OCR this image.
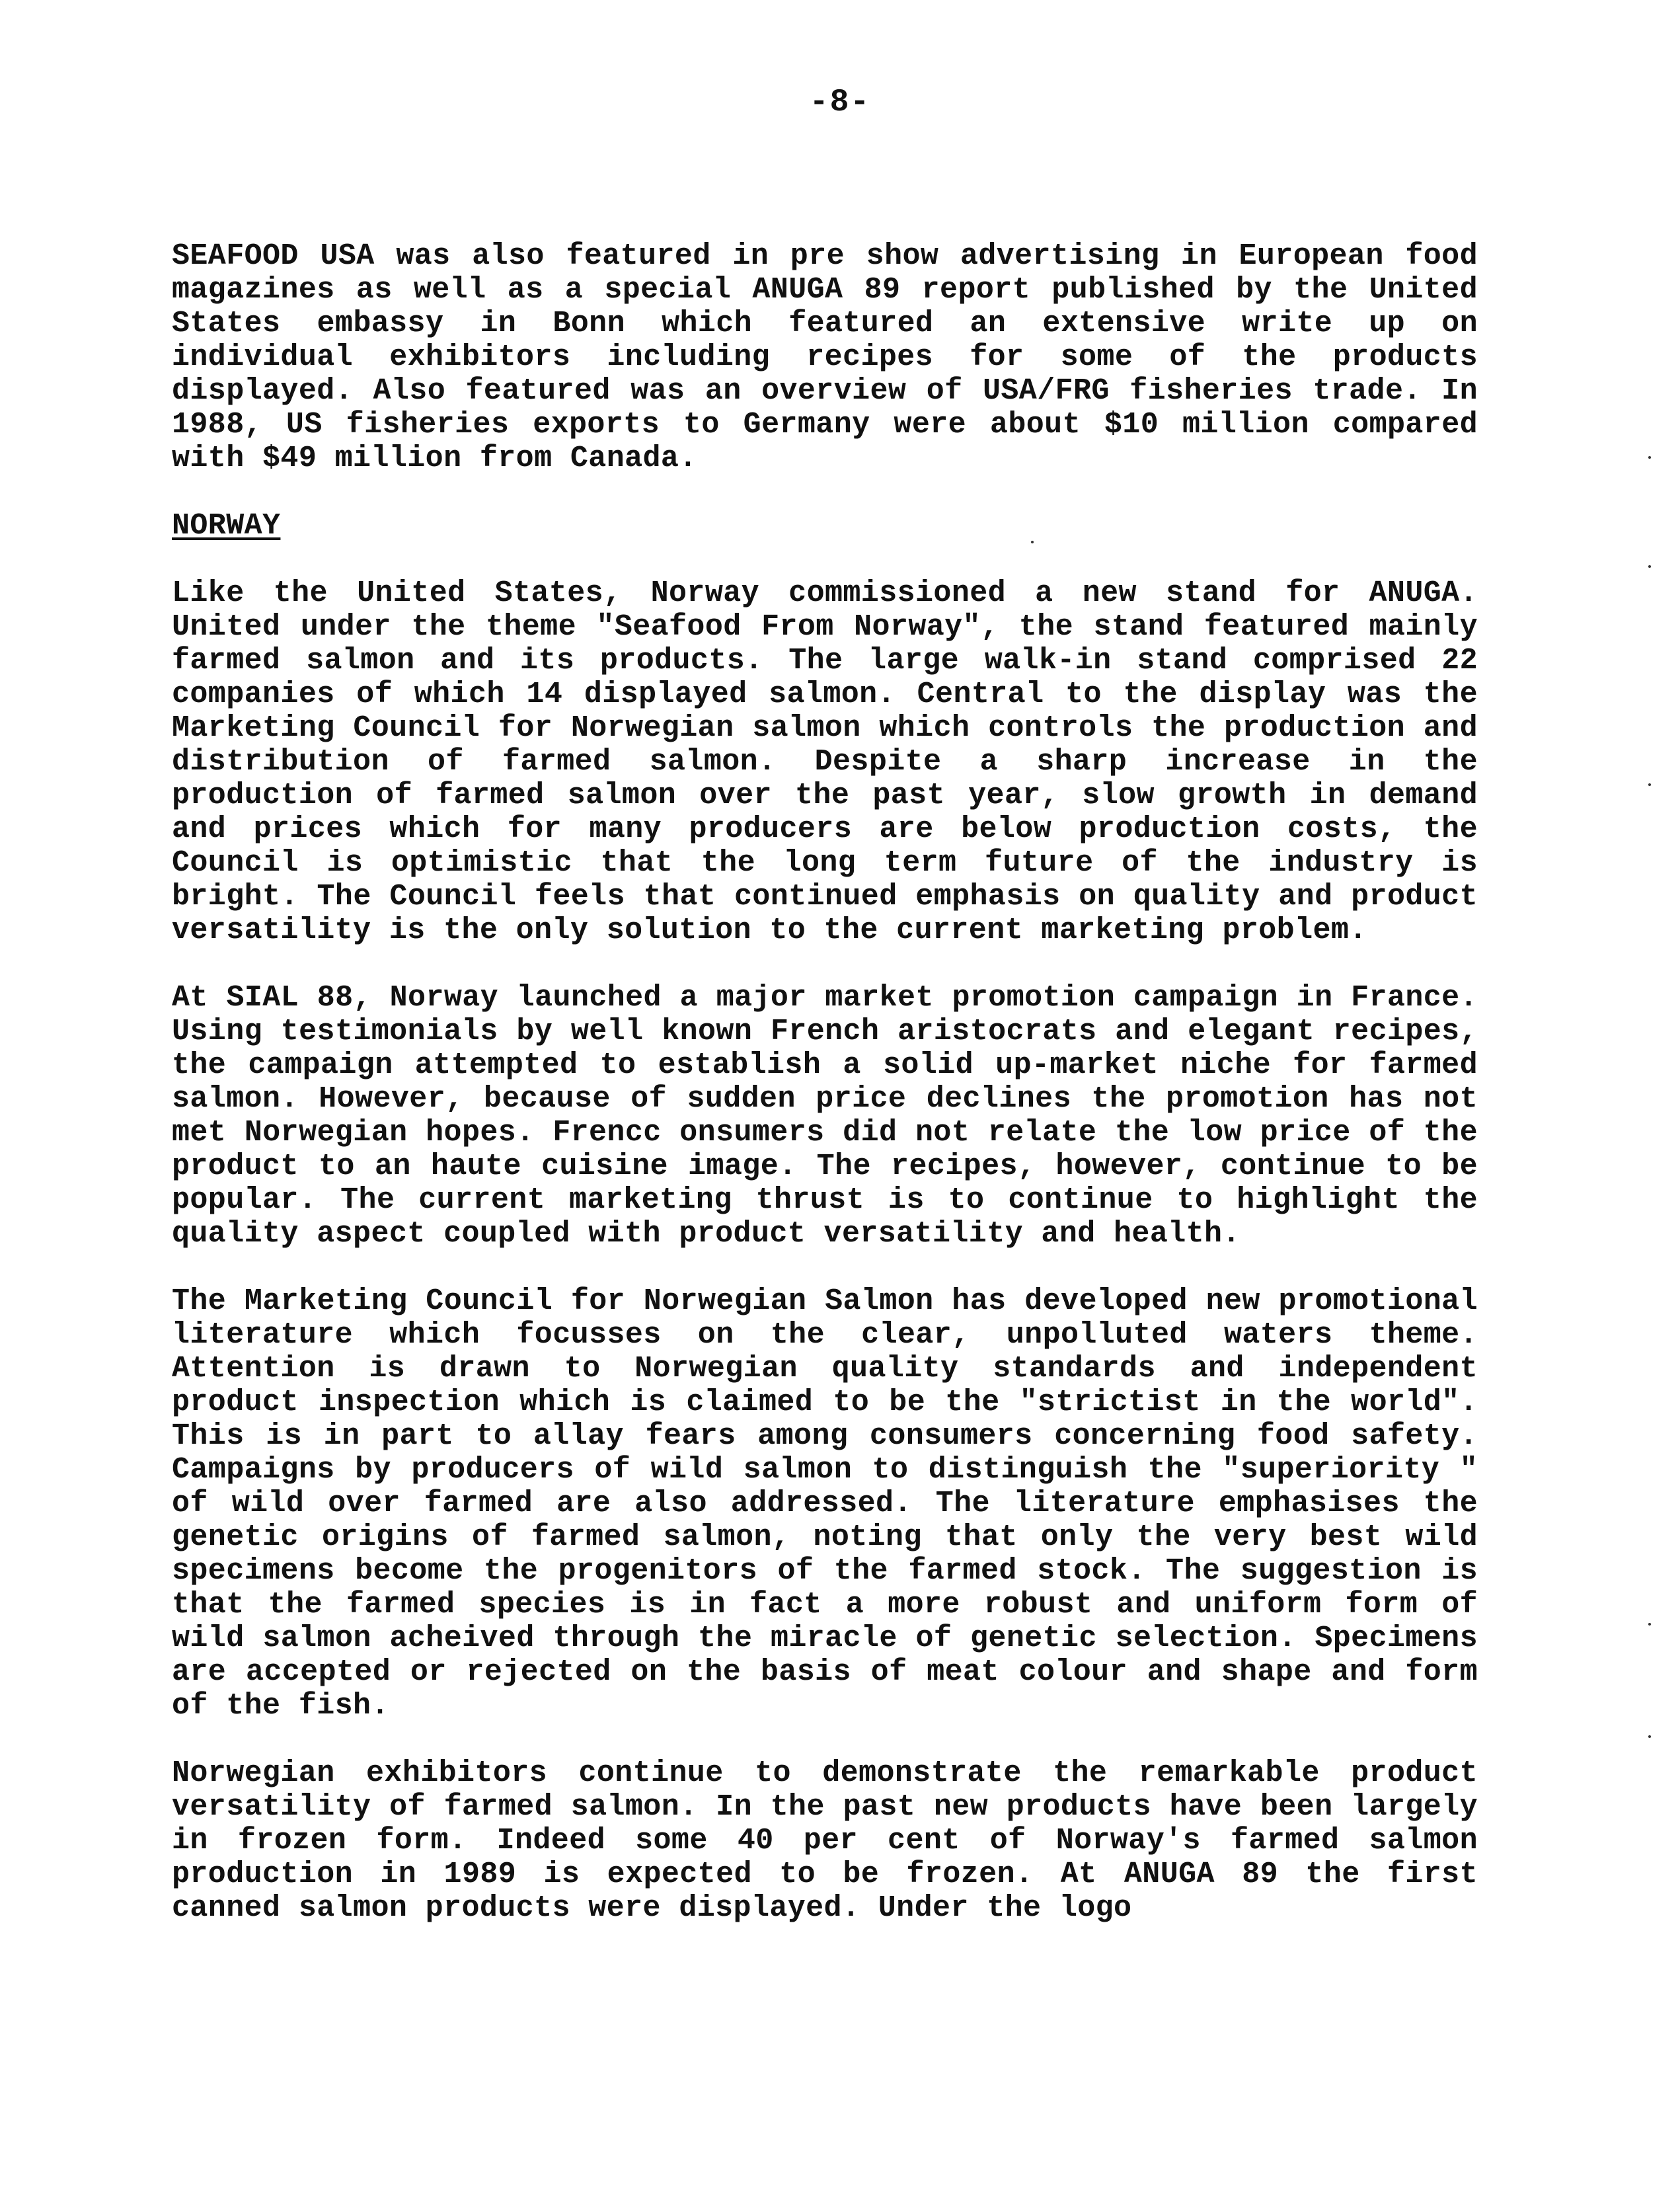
-8-

SEAFOOD USA was also featured in pre show advertising in European food magazines as well as a special ANUGA 89 report published by the United States embassy in Bonn which featured an extensive write up on individual exhibitors including recipes for some of the products displayed. Also featured was an overview of USA/FRG fisheries trade. In 1988, US fisheries exports to Germany were about $10 million compared with $49 million from Canada.

NORWAY

Like the United States, Norway commissioned a new stand for ANUGA. United under the theme "Seafood From Norway", the stand featured mainly farmed salmon and its products. The large walk-in stand comprised 22 companies of which 14 displayed salmon. Central to the display was the Marketing Council for Norwegian salmon which controls the production and distribution of farmed salmon. Despite a sharp increase in the production of farmed salmon over the past year, slow growth in demand and prices which for many producers are below production costs, the Council is optimistic that the long term future of the industry is bright. The Council feels that continued emphasis on quality and product versatility is the only solution to the current marketing problem.

At SIAL 88, Norway launched a major market promotion campaign in France. Using testimonials by well known French aristocrats and elegant recipes, the campaign attempted to establish a solid up-market niche for farmed salmon. However, because of sudden price declines the promotion has not met Norwegian hopes. Frencc onsumers did not relate the low price of the product to an haute cuisine image. The recipes, however, continue to be popular. The current marketing thrust is to continue to highlight the quality aspect coupled with product versatility and health.

The Marketing Council for Norwegian Salmon has developed new promotional literature which focusses on the clear, unpolluted waters theme. Attention is drawn to Norwegian quality standards and independent product inspection which is claimed to be the "strictist in the world". This is in part to allay fears among consumers concerning food safety. Campaigns by producers of wild salmon to distinguish the "superiority " of wild over farmed are also addressed. The literature emphasises the genetic origins of farmed salmon, noting that only the very best wild specimens become the progenitors of the farmed stock. The suggestion is that the farmed species is in fact a more robust and uniform form of wild salmon acheived through the miracle of genetic selection. Specimens are accepted or rejected on the basis of meat colour and shape and form of the fish.

Norwegian exhibitors continue to demonstrate the remarkable product versatility of farmed salmon. In the past new products have been largely in frozen form. Indeed some 40 per cent of Norway's farmed salmon production in 1989 is expected to be frozen. At ANUGA 89 the first canned salmon products were displayed. Under the logo
